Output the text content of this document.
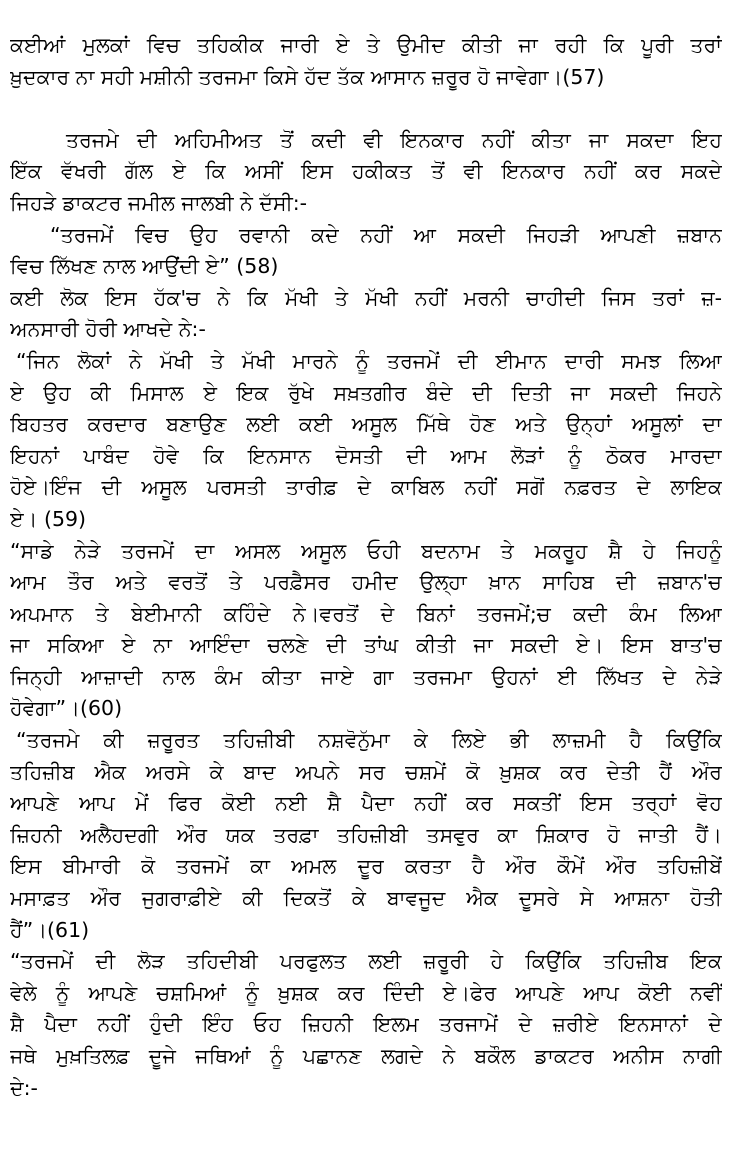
ਕਈਆਂ ਮੁਲਕਾਂ ਵਿਚ ਤਹਿਕੀਕ ਜਾਰੀ ਏ ਤੇ ਉਮੀਦ ਕੀਤੀ ਜਾ ਰਹੀ ਕਿ ਪੂਰੀ ਤਰਾਂ
ਖ਼ੁਦਕਾਰ ਨਾ ਸਹੀ ਮਸ਼ੀਨੀ ਤਰਜਮਾ ਕਿਸੇ ਹੱਦ ਤੱਕ ਆਸਾਨ ਜ਼ਰੂਰ ਹੋ ਜਾਵੇਗਾ।(57)
ਤਰਜਮੇ ਦੀ ਅਹਿਮੀਅਤ ਤੋਂ ਕਦੀ ਵੀ ਇਨਕਾਰ ਨਹੀਂ ਕੀਤਾ ਜਾ ਸਕਦਾ ਇਹ
ਇੱਕ ਵੱਖਰੀ ਗੱਲ ਏ ਕਿ ਅਸੀਂ ਇਸ ਹਕੀਕਤ ਤੋਂ ਵੀ ਇਨਕਾਰ ਨਹੀਂ ਕਰ ਸਕਦੇ
ਜਿਹੜੇ ਡਾਕਟਰ ਜਮੀਲ ਜਾਲਬੀ ਨੇ ਦੱਸੀ:-
“ਤਰਜਮੇਂ ਵਿਚ ਉਹ ਰਵਾਨੀ ਕਦੇ ਨਹੀਂ ਆ ਸਕਦੀ ਜਿਹੜੀ ਆਪਣੀ ਜ਼ਬਾਨ
ਵਿਚ ਲਿੱਖਣ ਨਾਲ ਆਉਂਦੀ ਏ” (58)
ਕਈ ਲੋਕ ਇਸ ਹੱਕ'ਚ ਨੇ ਕਿ ਮੱਖੀ ਤੇ ਮੱਖੀ ਨਹੀਂ ਮਰਨੀ ਚਾਹੀਦੀ ਜਿਸ ਤਰਾਂ ਜ਼-
ਅਨਸਾਰੀ ਹੋਰੀ ਆਖਦੇ ਨੇ:-
“ਜਿਨ ਲੋਕਾਂ ਨੇ ਮੱਖੀ ਤੇ ਮੱਖੀ ਮਾਰਨੇ ਨੂੰ ਤਰਜਮੇਂ ਦੀ ਈਮਾਨ ਦਾਰੀ ਸਮਝ ਲਿਆ
ਏ ਉਹ ਕੀ ਮਿਸਾਲ ਏ ਇਕ ਰੁੱਖੇ ਸਖ਼ਤਗੀਰ ਬੰਦੇ ਦੀ ਦਿਤੀ ਜਾ ਸਕਦੀ ਜਿਹਨੇ
ਬਿਹਤਰ ਕਰਦਾਰ ਬਣਾਉਣ ਲਈ ਕਈ ਅਸੂਲ ਮਿੱਥੇ ਹੋਣ ਅਤੇ ਉਨ੍ਹਾਂ ਅਸੂਲਾਂ ਦਾ
ਇਹਨਾਂ ਪਾਬੰਦ ਹੋਵੇ ਕਿ ਇਨਸਾਨ ਦੋਸਤੀ ਦੀ ਆਮ ਲੋੜਾਂ ਨੂੰ ਠੋਕਰ ਮਾਰਦਾ
ਹੋਏ।ਇੰਜ ਦੀ ਅਸੂਲ ਪਰਸਤੀ ਤਾਰੀਫ਼ ਦੇ ਕਾਬਿਲ ਨਹੀਂ ਸਗੋਂ ਨਫ਼ਰਤ ਦੇ ਲਾਇਕ
ਏ। (59)
“ਸਾਡੇ ਨੇੜੇ ਤਰਜਮੇਂ ਦਾ ਅਸਲ ਅਸੂਲ ਓਹੀ ਬਦਨਾਮ ਤੇ ਮਕਰੂਹ ਸ਼ੈ ਹੇ ਜਿਹਨੂੰ
ਆਮ ਤੌਰ ਅਤੇ ਵਰਤੋਂ ਤੇ ਪਰਫ਼ੈਸਰ ਹਮੀਦ ਉਲ੍ਹਾ ਖ਼ਾਨ ਸਾਹਿਬ ਦੀ ਜ਼ਬਾਨ'ਚ
ਅਪਮਾਨ ਤੇ ਬੇਈਮਾਨੀ ਕਹਿੰਦੇ ਨੇ।ਵਰਤੋਂ ਦੇ ਬਿਨਾਂ ਤਰਜਮੇਂ;ਚ ਕਦੀ ਕੰਮ ਲਿਆ
ਜਾ ਸਕਿਆ ਏ ਨਾ ਆਇੰਦਾ ਚਲਣੇ ਦੀ ਤਾਂਘ ਕੀਤੀ ਜਾ ਸਕਦੀ ਏ। ਇਸ ਬਾਤ'ਚ
ਜਿਨ੍ਹੀ ਆਜ਼ਾਦੀ ਨਾਲ ਕੰਮ ਕੀਤਾ ਜਾਏ ਗਾ ਤਰਜਮਾ ਉਹਨਾਂ ਈ ਲਿੱਖਤ ਦੇ ਨੇੜੇ
ਹੋਵੇਗਾ”।(60)
“ਤਰਜਮੇ ਕੀ ਜ਼ਰੂਰਤ ਤਹਿਜ਼ੀਬੀ ਨਸ਼ਵੋਨੁੱਮਾ ਕੇ ਲਿਏ ਭੀ ਲਾਜ਼ਮੀ ਹੈ ਕਿਉਂਕਿ
ਤਹਿਜ਼ੀਬ ਐਕ ਅਰਸੇ ਕੇ ਬਾਦ ਅਪਨੇ ਸਰ ਚਸ਼ਮੇਂ ਕੋ ਖ਼ੁਸ਼ਕ ਕਰ ਦੇਤੀ ਹੈਂ ਔਰ
ਆਪਣੇ ਆਪ ਮੇਂ ਫਿਰ ਕੋਈ ਨਈ ਸ਼ੈ ਪੈਦਾ ਨਹੀਂ ਕਰ ਸਕਤੀਂ ਇਸ ਤਰ੍ਹਾਂ ਵੋਹ
ਜ਼ਿਹਨੀ ਅਲੈਹਦਗੀ ਔਰ ਯਕ ਤਰਫ਼ਾ ਤਹਿਜ਼ੀਬੀ ਤਸਵੁਰ ਕਾ ਸ਼ਿਕਾਰ ਹੋ ਜਾਤੀ ਹੈਂ।
ਇਸ ਬੀਮਾਰੀ ਕੋ ਤਰਜਮੇਂ ਕਾ ਅਮਲ ਦੂਰ ਕਰਤਾ ਹੈ ਔਰ ਕੌਮੇਂ ਔਰ ਤਹਿਜ਼ੀਬੇਂ
ਮਸਾਫ਼ਤ ਔਰ ਜੁਗਰਾਫ਼ੀਏ ਕੀ ਦਿਕਤੋਂ ਕੇ ਬਾਵਜੂਦ ਐਕ ਦੂਸਰੇ ਸੇ ਆਸ਼ਨਾ ਹੋਤੀ
ਹੈਂ”।(61)
“ਤਰਜਮੇਂ ਦੀ ਲੋੜ ਤਹਿਦੀਬੀ ਪਰਫੁਲਤ ਲਈ ਜ਼ਰੂਰੀ ਹੇ ਕਿਉਂਕਿ ਤਹਿਜ਼ੀਬ ਇਕ
ਵੇਲੇ ਨੂੰ ਆਪਣੇ ਚਸ਼ਮਿਆਂ ਨੂੰ ਖ਼ੁਸ਼ਕ ਕਰ ਦਿੰਦੀ ਏ।ਫੇਰ ਆਪਣੇ ਆਪ ਕੋਈ ਨਵੀਂ
ਸ਼ੈ ਪੈਦਾ ਨਹੀਂ ਹੁੰਦੀ ਇੰਹ ਓਹ ਜ਼ਿਹਨੀ ਇਲਮ ਤਰਜਾਮੇਂ ਦੇ ਜ਼ਰੀਏ ਇਨਸਾਨਾਂ ਦੇ
ਜਥੇ ਮੁਖ਼ਤਿਲਫ਼ ਦੂਜੇ ਜਥਿਆਂ ਨੂੰ ਪਛਾਨਣ ਲਗਦੇ ਨੇ ਬਕੌਲ ਡਾਕਟਰ ਅਨੀਸ ਨਾਗੀ
ਦੇ:-
